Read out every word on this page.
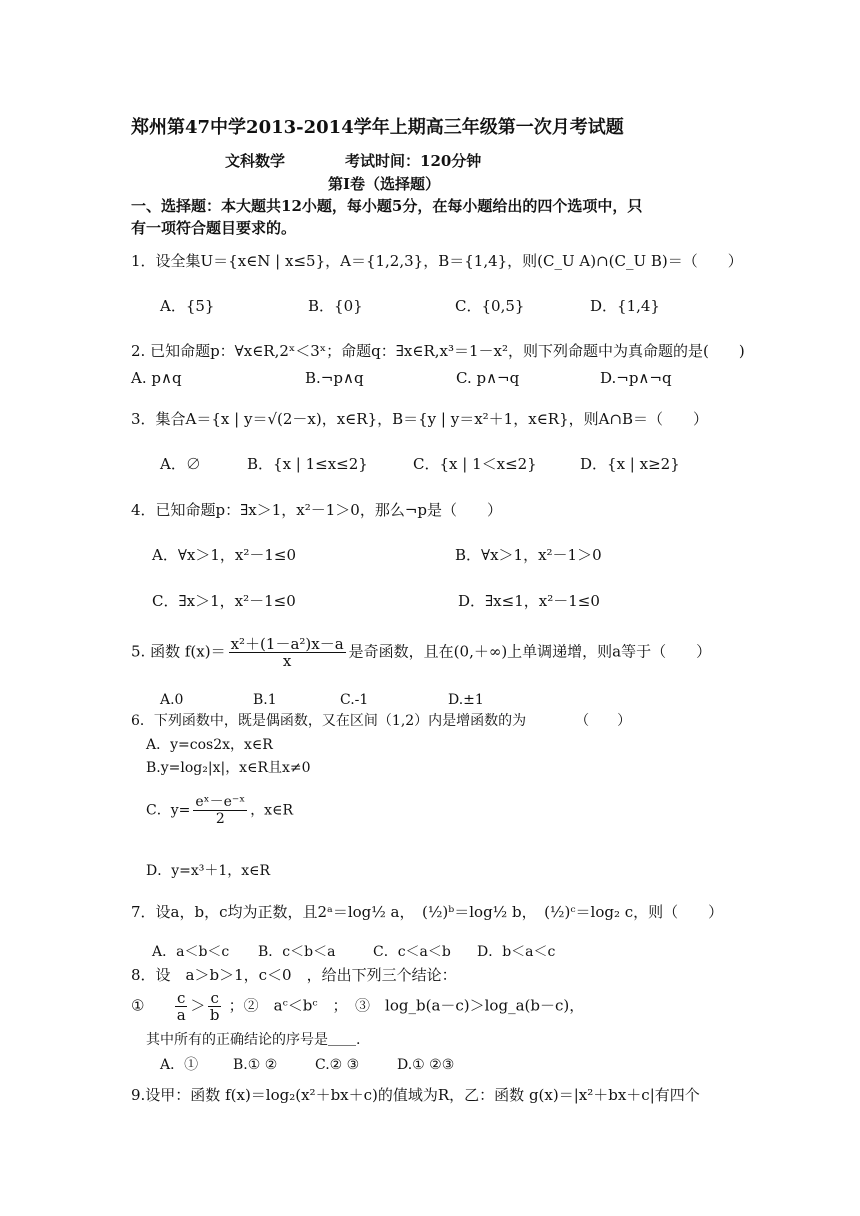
郑州第47中学2013-2014学年上期高三年级第一次月考试题
文科数学	考试时间：120分钟
第Ⅰ卷（选择题）
一、选择题：本大题共12小题，每小题5分，在每小题给出的四个选项中，只
有一项符合题目要求的。
1．设全集U＝{x∈N | x≤5}，A＝{1,2,3}，B＝{1,4}，则(C_U A)∩(C_U B)＝（　　）
A．{5}	B．{0}	C．{0,5}	D．{1,4}
2. 已知命题p：∀x∈R,2ˣ＜3ˣ；命题q：∃x∈R,x³＝1－x²，则下列命题中为真命题的是(　　)
A. p∧q	B.¬p∧q	C. p∧¬q	D.¬p∧¬q
3．集合A＝{x | y＝√(2－x)，x∈R}，B＝{y | y＝x²＋1，x∈R}，则A∩B＝（　　）
A．∅	B．{x | 1≤x≤2}	C．{x | 1＜x≤2}	D．{x | x≥2}
4．已知命题p：∃x＞1，x²－1＞0，那么¬p是（　　）
A．∀x＞1，x²－1≤0	B．∀x＞1，x²－1＞0
C．∃x＞1，x²－1≤0	D．∃x≤1，x²－1≤0
5. 函数 $f(x)= \frac{\text{x²＋(1－a²)x－a}}{x}$ 是奇函数，且在(0,＋∞)上单调递增，则a等于（　　）
A.0	B.1	C.-1	D.±1
6．下列函数中，既是偶函数，又在区间（1,2）内是增函数的为　　　　（　　）
A．y=cos2x，x∈R
B.y=log₂|x|，x∈R且x≠0
C．$y= \frac{\text{eˣ－e⁻ˣ}}{2}$ ，x∈R
D．y=x³＋1，x∈R
7．设a，b，c均为正数，且2ᵃ＝log½ a，　(½)ᵇ＝log½ b，　(½)ᶜ＝log₂ c，则（　　）
A．a＜b＜c B．c＜b＜a	C．c＜a＜b D．b＜a＜c
8．设　a＞b＞1，c＜0　，给出下列三个结论：
① $\frac{c}{a} > \frac{c}{b}$ ；②　aᶜ＜bᶜ　；　③　log_b(a－c)＞log_a(b－c)，
其中所有的正确结论的序号是＿＿.
A．① B.① ②	C.② ③	D.① ②③
9.设甲：函数 f(x)＝log₂(x²＋bx＋c)的值域为R，乙：函数 g(x)＝|x²＋bx＋c|有四个
